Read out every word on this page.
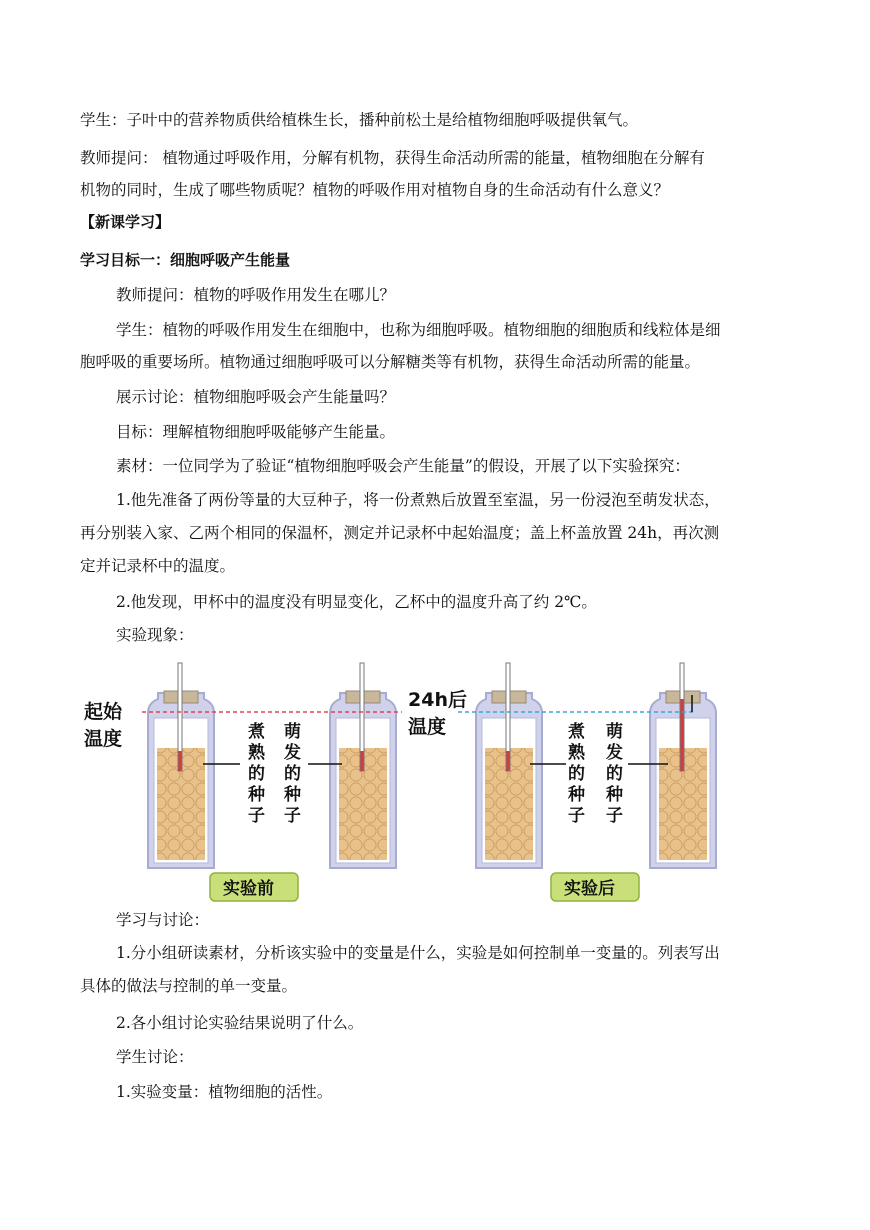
学生：子叶中的营养物质供给植株生长，播种前松土是给植物细胞呼吸提供氧气。
教师提问： 植物通过呼吸作用，分解有机物，获得生命活动所需的能量，植物细胞在分解有
机物的同时，生成了哪些物质呢？植物的呼吸作用对植物自身的生命活动有什么意义？
【新课学习】
学习目标一：细胞呼吸产生能量
教师提问：植物的呼吸作用发生在哪儿？
学生：植物的呼吸作用发生在细胞中，也称为细胞呼吸。植物细胞的细胞质和线粒体是细
胞呼吸的重要场所。植物通过细胞呼吸可以分解糖类等有机物，获得生命活动所需的能量。
展示讨论：植物细胞呼吸会产生能量吗？
目标：理解植物细胞呼吸能够产生能量。
素材：一位同学为了验证“植物细胞呼吸会产生能量”的假设，开展了以下实验探究：
1.他先准备了两份等量的大豆种子，将一份煮熟后放置至室温，另一份浸泡至萌发状态，
再分别装入家、乙两个相同的保温杯，测定并记录杯中起始温度；盖上杯盖放置 24h，再次测
定并记录杯中的温度。
2.他发现，甲杯中的温度没有明显变化，乙杯中的温度升高了约 2℃。
实验现象：
起始
温度
24h后
温度
煮
熟
的
种
子
萌
发
的
种
子
煮
熟
的
种
子
萌
发
的
种
子
实验前	实验后
学习与讨论：
1.分小组研读素材，分析该实验中的变量是什么，实验是如何控制单一变量的。列表写出
具体的做法与控制的单一变量。
2.各小组讨论实验结果说明了什么。
学生讨论：
1.实验变量：植物细胞的活性。
